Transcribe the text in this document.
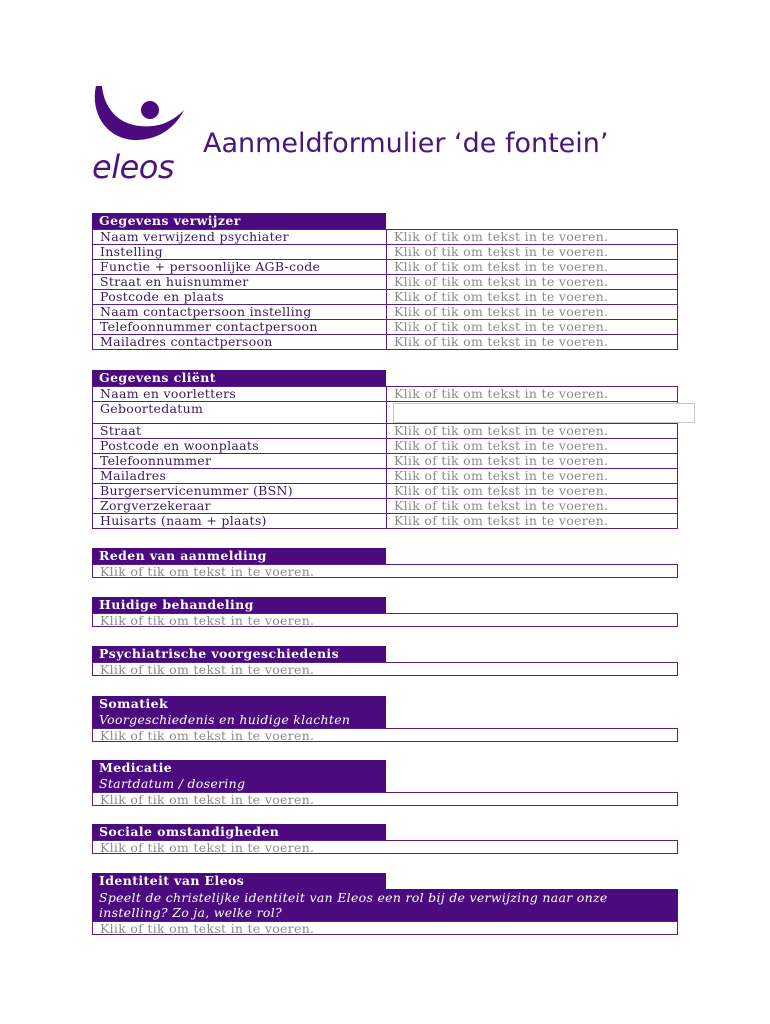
eleos
Aanmeldformulier ‘de fontein’
Gegevens verwijzer
Naam verwijzend psychiater	Klik of tik om tekst in te voeren.
Instelling	Klik of tik om tekst in te voeren.
Functie + persoonlijke AGB-code	Klik of tik om tekst in te voeren.
Straat en huisnummer	Klik of tik om tekst in te voeren.
Postcode en plaats	Klik of tik om tekst in te voeren.
Naam contactpersoon instelling	Klik of tik om tekst in te voeren.
Telefoonnummer contactpersoon	Klik of tik om tekst in te voeren.
Mailadres contactpersoon	Klik of tik om tekst in te voeren.
Gegevens cliënt
Naam en voorletters	Klik of tik om tekst in te voeren.
Geboortedatum	
Straat	Klik of tik om tekst in te voeren.
Postcode en woonplaats	Klik of tik om tekst in te voeren.
Telefoonnummer	Klik of tik om tekst in te voeren.
Mailadres	Klik of tik om tekst in te voeren.
Burgerservicenummer (BSN)	Klik of tik om tekst in te voeren.
Zorgverzekeraar	Klik of tik om tekst in te voeren.
Huisarts (naam + plaats)	Klik of tik om tekst in te voeren.
Reden van aanmelding
Klik of tik om tekst in te voeren.
Huidige behandeling
Klik of tik om tekst in te voeren.
Psychiatrische voorgeschiedenis
Klik of tik om tekst in te voeren.
Somatiek
Voorgeschiedenis en huidige klachten
Klik of tik om tekst in te voeren.
Medicatie
Startdatum / dosering
Klik of tik om tekst in te voeren.
Sociale omstandigheden
Klik of tik om tekst in te voeren.
Identiteit van Eleos
Speelt de christelijke identiteit van Eleos een rol bij de verwijzing naar onze instelling? Zo ja, welke rol?
Klik of tik om tekst in te voeren.
